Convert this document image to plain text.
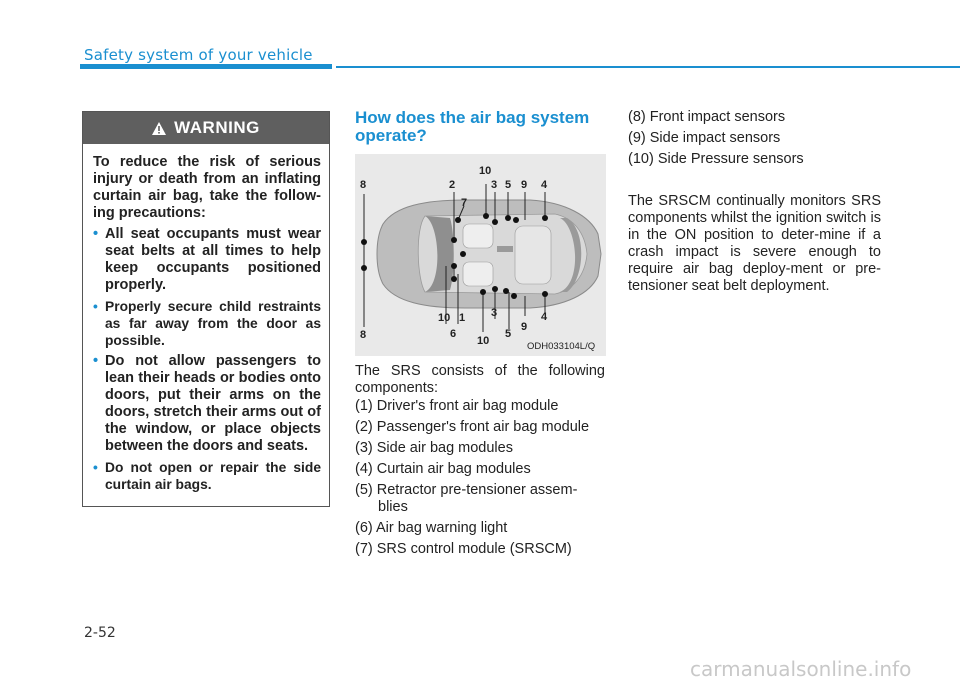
Safety system of your vehicle
WARNING

To reduce the risk of serious injury or death from an inflating curtain air bag, take the follow-ing precautions:

• All seat occupants must wear seat belts at all times to help keep occupants positioned properly.
• Properly secure child restraints as far away from the door as possible.
• Do not allow passengers to lean their heads or bodies onto doors, put their arms on the doors, stretch their arms out of the window, or place objects between the doors and seats.
• Do not open or repair the side curtain air bags.
How does the air bag system operate?
8	2
10
3 5 9 4
7
8
10 1
6
3
10
5
9
4
ODH033104L/Q
The SRS consists of the following components:
(1) Driver's front air bag module
(2) Passenger's front air bag module
(3) Side air bag modules
(4) Curtain air bag modules
(5) Retractor pre-tensioner assem-
blies
(6) Air bag warning light
(7) SRS control module (SRSCM)
(8) Front impact sensors
(9) Side impact sensors
(10) Side Pressure sensors
The SRSCM continually monitors SRS components whilst the ignition switch is in the ON position to deter-mine if a crash impact is severe enough to require air bag deploy-ment or pre-tensioner seat belt deployment.
2-52
carmanualsonline.info
